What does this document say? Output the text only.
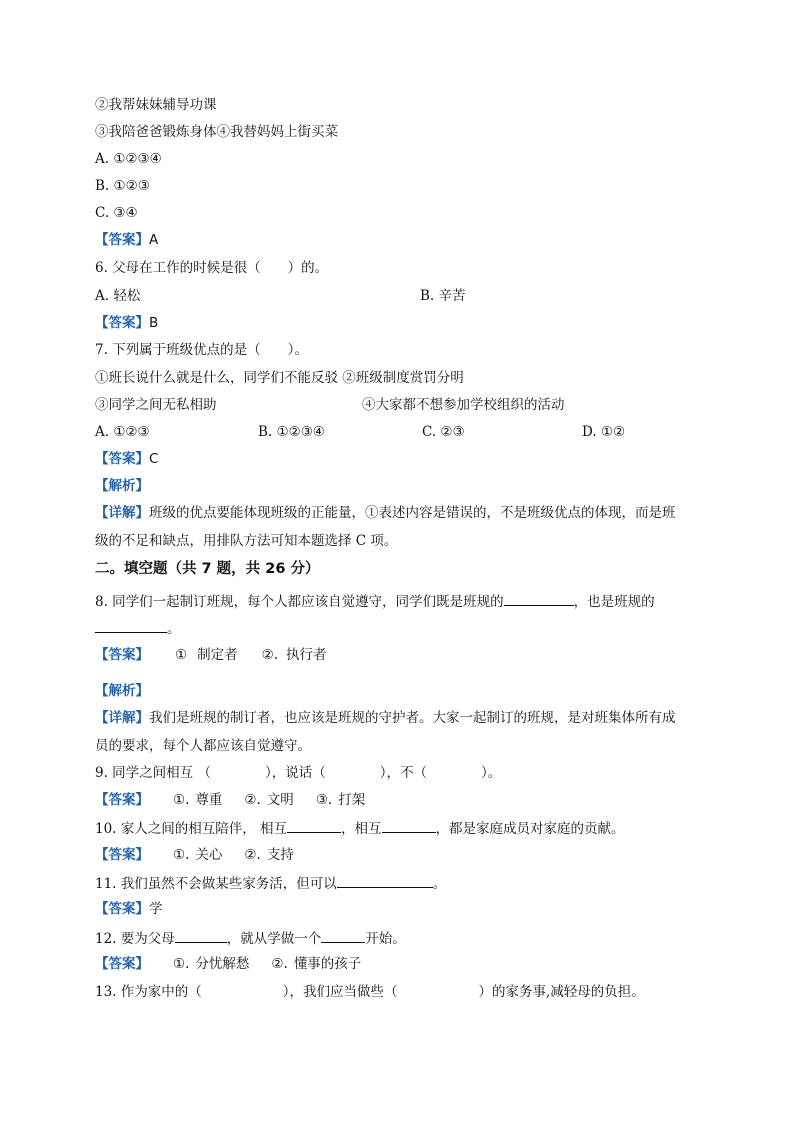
②我帮妹妹辅导功课
③我陪爸爸锻炼身体④我替妈妈上街买菜
A. ①②③④
B. ①②③
C. ③④
【答案】A
6. 父母在工作的时候是很（　　）的。
A. 轻松	B. 辛苦
【答案】B
7. 下列属于班级优点的是（　　）。
①班长说什么就是什么，同学们不能反驳 ②班级制度赏罚分明
③同学之间无私相助	④大家都不想参加学校组织的活动
A. ①②③	B. ①②③④	C. ②③	D. ①②
【答案】C
【解析】
【详解】班级的优点要能体现班级的正能量，①表述内容是错误的，不是班级优点的体现，而是班
级的不足和缺点，用排队方法可知本题选择 C 项。
二。填空题（共 7 题，共 26 分）
8. 同学们一起制订班规，每个人都应该自觉遵守，同学们既是班规的	，也是班规的
。
【答案】 ① 制定者 ②. 执行者
【解析】
【详解】我们是班规的制订者，也应该是班规的守护者。大家一起制订的班规，是对班集体所有成
员的要求，每个人都应该自觉遵守。
9. 同学之间相互 （　　　　），说话（　　　　），不（　　　　）。
【答案】 ①. 尊重 ②. 文明 ③. 打架
10. 家人之间的相互陪伴， 相互	，相互	，都是家庭成员对家庭的贡献。
【答案】 ①. 关心 ②. 支持
11. 我们虽然不会做某些家务活，但可以	。
【答案】学
12. 要为父母	，就从学做一个	开始。
【答案】 ①. 分忧解愁 ②. 懂事的孩子
13. 作为家中的（　　　　　　），我们应当做些（　　　　　　）的家务事,减轻母的负担。
